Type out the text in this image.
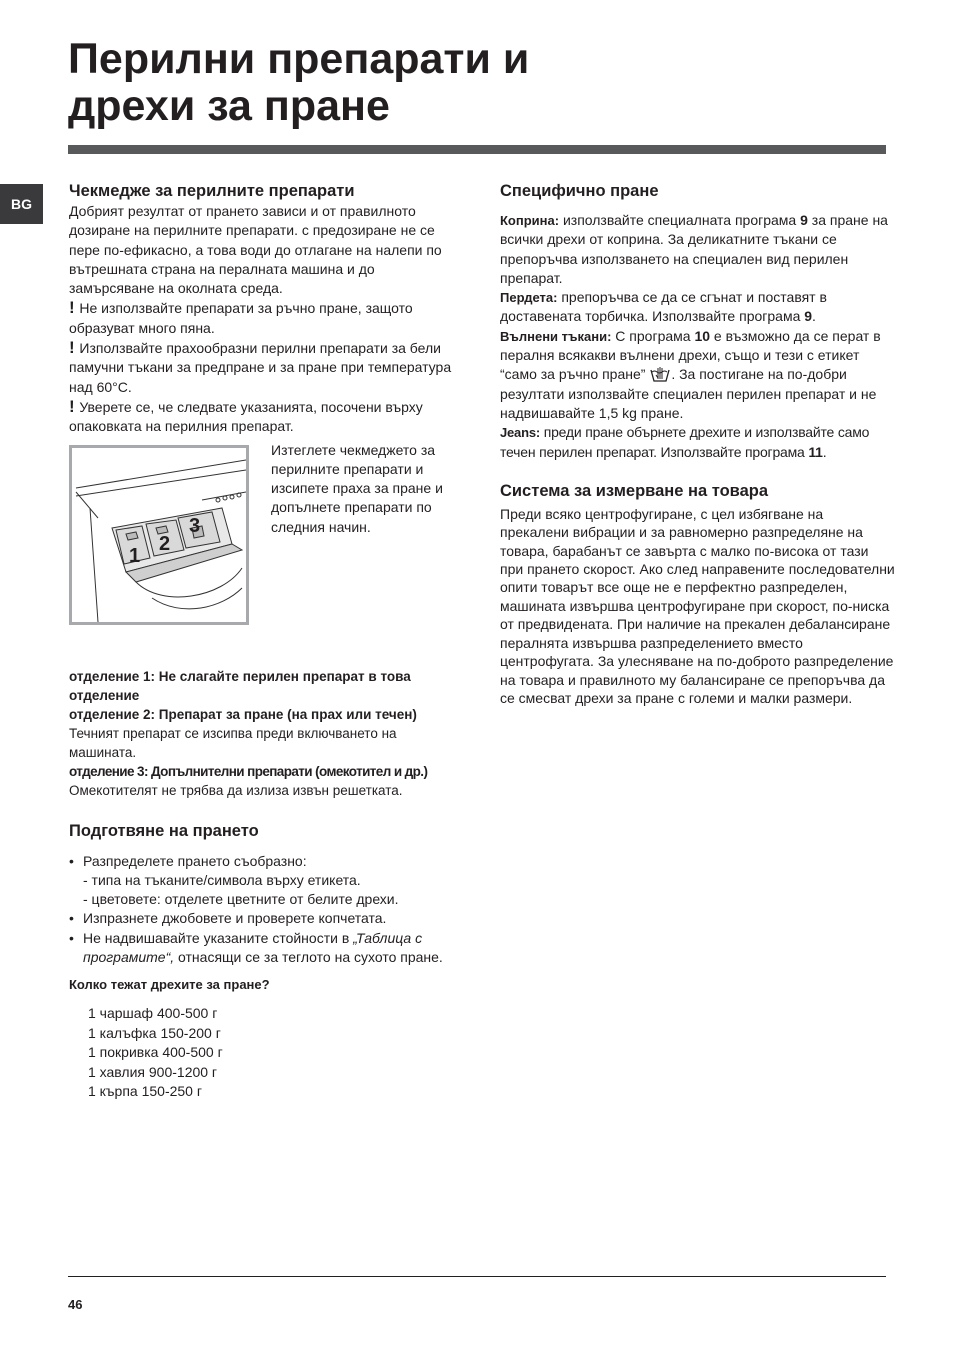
Перилни препарати и
дрехи за пране
BG
Чекмедже за перилните препарати

Добрият резултат от прането зависи и от правилното дозиране на перилните препарати. с предозиране не се пере по-ефикасно, а това води до отлагане на налепи по вътрешната страна на пералната машина и до замърсяване на околната среда.

! Не използвайте препарати за ръчно пране, защото образуват много пяна.

! Използвайте прахообразни перилни препарати за бели памучни тъкани за предпране и за пране при температура над 60°C.

! Уверете се, че следвате указанията, посочени върху опаковката на перилния препарат.

1
2
3
Изтеглете чекмеджето за перилните препарати и изсипете праха за пране и допълнете препарати по следния начин.

отделение 1: Не слагайте перилен препарат в това отделение

отделение 2: Препарат за пране (на прах или течен)

Течният препарат се изсипва преди включването на машината.

отделение 3: Допълнителни препарати (омекотител и др.)

Омекотителят не трябва да излиза извън решетката.

Подготвяне на прането
• Разпределете прането съобразно:
- типа на тъканите/символа върху етикета.
- цветовете: отделете цветните от белите дрехи.
• Изпразнете джобовете и проверете копчетата.
• Не надвишавайте указаните стойности в „Таблица с програмите“, отнасящи се за теглото на сухото пране.
Колко тежат дрехите за пране?
1 чаршаф 400-500 г
1 калъфка 150-200 г
1 покривка 400-500 г
1 хавлия 900-1200 г
1 кърпа 150-250 г
Специфично пране

Коприна: използвайте специалната програма 9 за пране на всички дрехи от коприна. За деликатните тъкани се препоръчва използването на специален вид перилен препарат.

Пердета: препоръчва се да се сгънат и поставят в доставената торбичка. Използвайте програма 9.

Вълнени тъкани: С програма 10 е възможно да се перат в пералня всякакви вълнени дрехи, също и тези с етикет “само за ръчно пране” . За постигане на по-добри резултати използвайте специален перилен препарат и не надвишавайте 1,5 kg пране.

Jeans: преди пране обърнете дрехите и използвайте само течен перилен препарат. Използвайте програма 11.

Система за измерване на товара

Преди всяко центрофугиране, с цел избягване на прекалени вибрации и за равномерно разпределяне на товара, барабанът се завърта с малко по-висока от тази при прането скорост. Ако след направените последователни опити товарът все още не е перфектно разпределен, машината извършва центрофугиране при скорост, по-ниска от предвидената. При наличие на прекален дебалансиране пералнята извършва разпределението вместо центрофугата. За улесняване на по-доброто разпределение на товара и правилното му балансиране се препоръчва да се смесват дрехи за пране с големи и малки размери.

46
